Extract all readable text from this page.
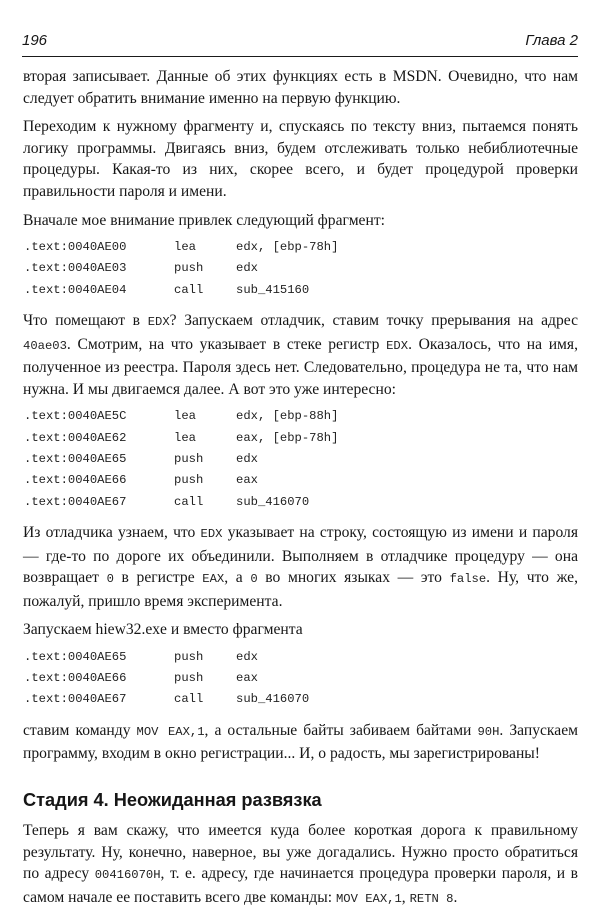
196	Глава 2

вторая записывает. Данные об этих функциях есть в MSDN. Очевидно, что нам следует обратить внимание именно на первую функцию.

Переходим к нужному фрагменту и, спускаясь по тексту вниз, пытаемся понять логику программы. Двигаясь вниз, будем отслеживать только небиблиотечные процедуры. Какая-то из них, скорее всего, и будет процедурой проверки правильности пароля и имени.

Вначале мое внимание привлек следующий фрагмент:

.text:0040AE00	lea	edx, [ebp-78h]
.text:0040AE03	push	edx
.text:0040AE04	call	sub_415160

Что помещают в EDX? Запускаем отладчик, ставим точку прерывания на адрес 40ae03. Смотрим, на что указывает в стеке регистр EDX. Оказалось, что на имя, полученное из реестра. Пароля здесь нет. Следовательно, процедура не та, что нам нужна. И мы двигаемся далее. А вот это уже интересно:

.text:0040AE5C	lea	edx, [ebp-88h]
.text:0040AE62	lea	eax, [ebp-78h]
.text:0040AE65	push	edx
.text:0040AE66	push	eax
.text:0040AE67	call	sub_416070

Из отладчика узнаем, что EDX указывает на строку, состоящую из имени и пароля — где-то по дороге их объединили. Выполняем в отладчике процедуру — она возвращает 0 в регистре EAX, а 0 во многих языках — это false. Ну, что же, пожалуй, пришло время эксперимента.

Запускаем hiew32.exe и вместо фрагмента

.text:0040AE65	push	edx
.text:0040AE66	push	eax
.text:0040AE67	call	sub_416070

ставим команду MOV EAX,1, а остальные байты забиваем байтами 90H. Запускаем программу, входим в окно регистрации... И, о радость, мы зарегистрированы!

Стадия 4. Неожиданная развязка

Теперь я вам скажу, что имеется куда более короткая дорога к правильному результату. Ну, конечно, наверное, вы уже догадались. Нужно просто обратиться по адресу 00416070H, т. е. адресу, где начинается процедура проверки пароля, и в самом начале ее поставить всего две команды: MOV EAX,1, RETN 8.
